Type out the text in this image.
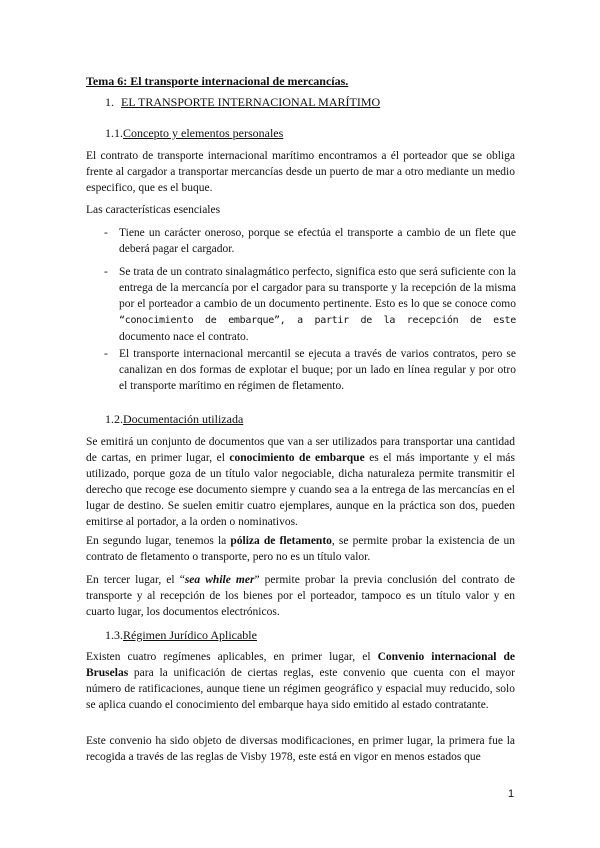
Tema 6: El transporte internacional de mercancías.
1. EL TRANSPORTE INTERNACIONAL MARÍTIMO
1.1.Concepto y elementos personales
El contrato de transporte internacional marítimo encontramos a él porteador que se obliga frente al cargador a transportar mercancías desde un puerto de mar a otro mediante un medio especifico, que es el buque.
Las características esenciales
- Tiene un carácter oneroso, porque se efectúa el transporte a cambio de un flete que deberá pagar el cargador.
- Se trata de un contrato sinalagmático perfecto, significa esto que será suficiente con la entrega de la mercancía por el cargador para su transporte y la recepción de la misma por el porteador a cambio de un documento pertinente. Esto es lo que se conoce como “conocimiento de embarque”, a partir de la recepción de este documento nace el contrato.
- El transporte internacional mercantil se ejecuta a través de varios contratos, pero se canalizan en dos formas de explotar el buque; por un lado en línea regular y por otro el transporte marítimo en régimen de fletamento.
1.2.Documentación utilizada
Se emitirá un conjunto de documentos que van a ser utilizados para transportar una cantidad de cartas, en primer lugar, el conocimiento de embarque es el más importante y el más utilizado, porque goza de un título valor negociable, dicha naturaleza permite transmitir el derecho que recoge ese documento siempre y cuando sea a la entrega de las mercancías en el lugar de destino. Se suelen emitir cuatro ejemplares, aunque en la práctica son dos, pueden emitirse al portador, a la orden o nominativos.
En segundo lugar, tenemos la póliza de fletamento, se permite probar la existencia de un contrato de fletamento o transporte, pero no es un título valor.
En tercer lugar, el “sea while mer” permite probar la previa conclusión del contrato de transporte y al recepción de los bienes por el porteador, tampoco es un título valor y en cuarto lugar, los documentos electrónicos.
1.3.Régimen Jurídico Aplicable
Existen cuatro regímenes aplicables, en primer lugar, el Convenio internacional de Bruselas para la unificación de ciertas reglas, este convenio que cuenta con el mayor número de ratificaciones, aunque tiene un régimen geográfico y espacial muy reducido, solo se aplica cuando el conocimiento del embarque haya sido emitido al estado contratante.
Este convenio ha sido objeto de diversas modificaciones, en primer lugar, la primera fue la recogida a través de las reglas de Visby 1978, este está en vigor en menos estados que
1
